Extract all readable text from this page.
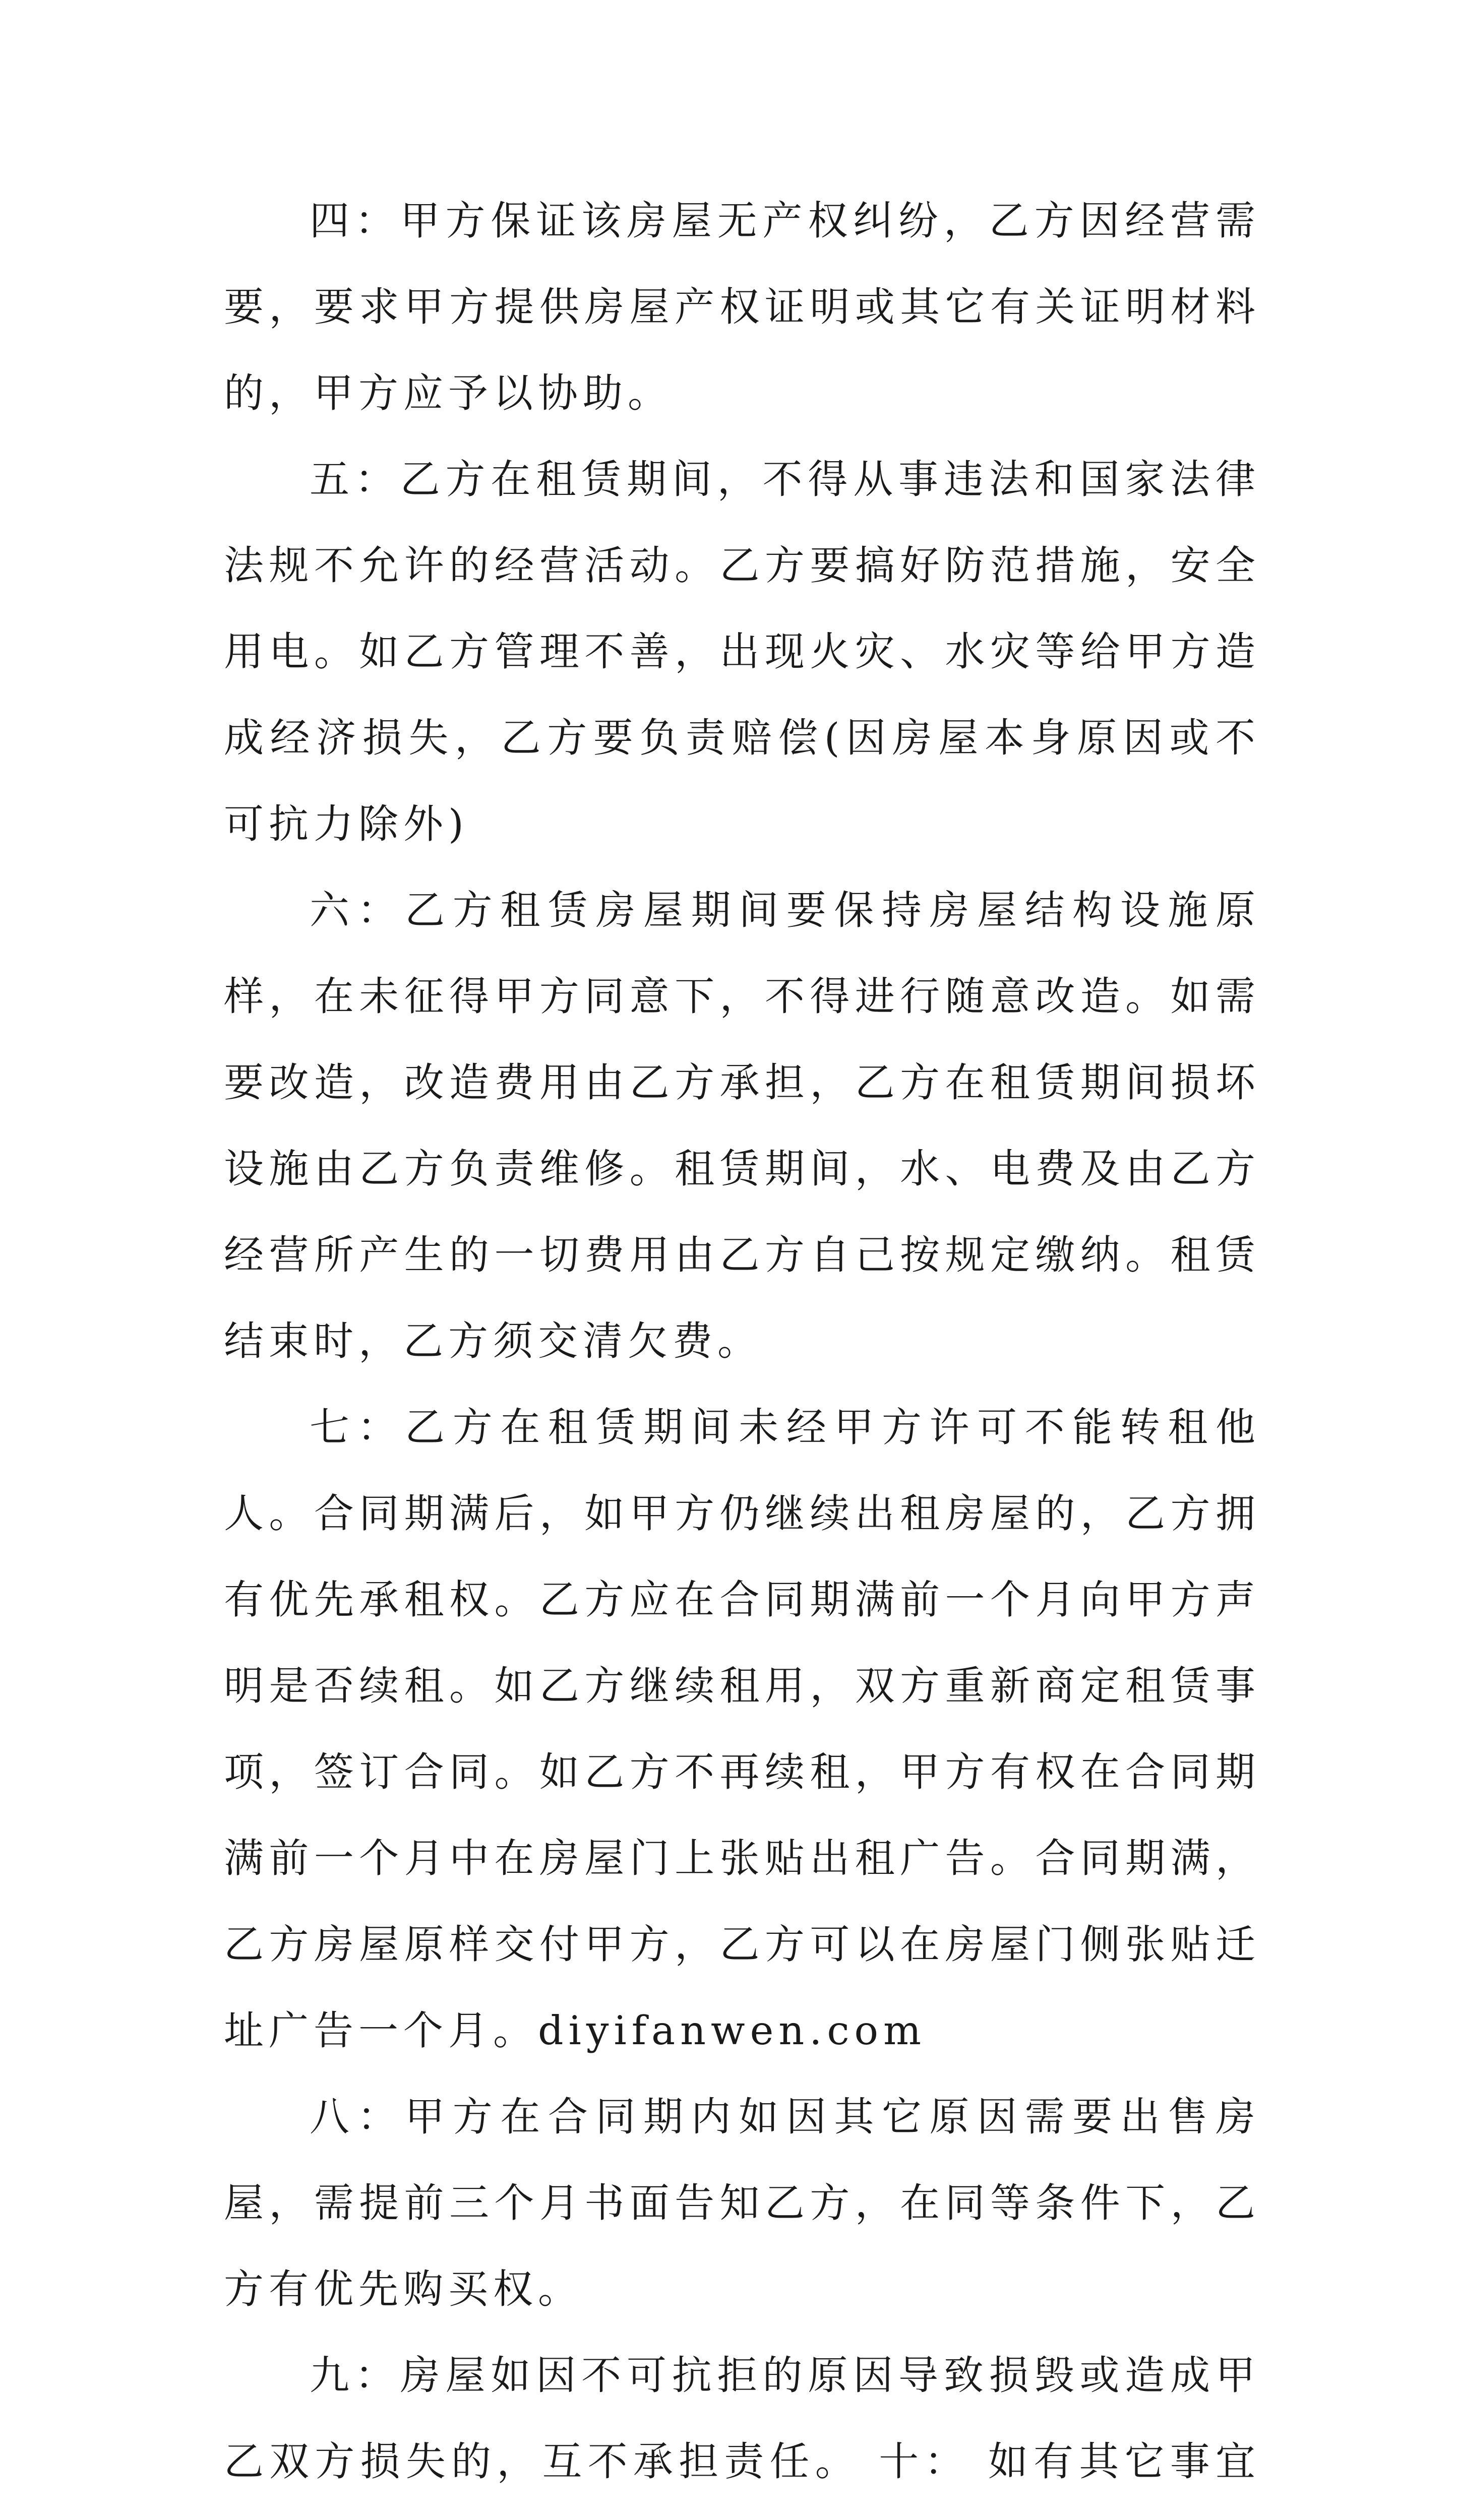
四：甲方保证该房屋无产权纠纷，乙方因经营需要，要求甲方提供房屋产权证明或其它有关证明材料的，甲方应予以协助。

五：乙方在租赁期间，不得从事违法和国家法律法规不允许的经营活动。乙方要搞好防范措施，安全用电。如乙方管理不善，出现火灾、水灾等给甲方造成经济损失，乙方要负责赔偿(因房屋本身原因或不可抗力除外)

六：乙方租赁房屋期间要保持房屋结构设施原样，在未征得甲方同意下，不得进行随意改造。如需要改造，改造费用由乙方承担，乙方在租赁期间损坏设施由乙方负责维修。租赁期间，水、电费及由乙方经营所产生的一切费用由乙方自己按规定缴纳。租赁结束时，乙方须交清欠费。

七：乙方在租赁期间未经甲方许可不能转租他人。合同期满后，如甲方仍继续出租房屋的，乙方拥有优先承租权。乙方应在合同期满前一个月向甲方声明是否续租。如乙方继续租用，双方重新商定租赁事项，签订合同。如乙方不再续租，甲方有权在合同期满前一个月中在房屋门上张贴出租广告。合同期满，乙方房屋原样交付甲方，乙方可以在房屋门侧张贴迁址广告一个月。diyifanwen.com

八：甲方在合同期内如因其它原因需要出售房屋，需提前三个月书面告知乙方，在同等条件下，乙方有优先购买权。

九：房屋如因不可抗拒的原因导致损毁或造成甲乙双方损失的，互不承担责任。 十： 如有其它事宜
